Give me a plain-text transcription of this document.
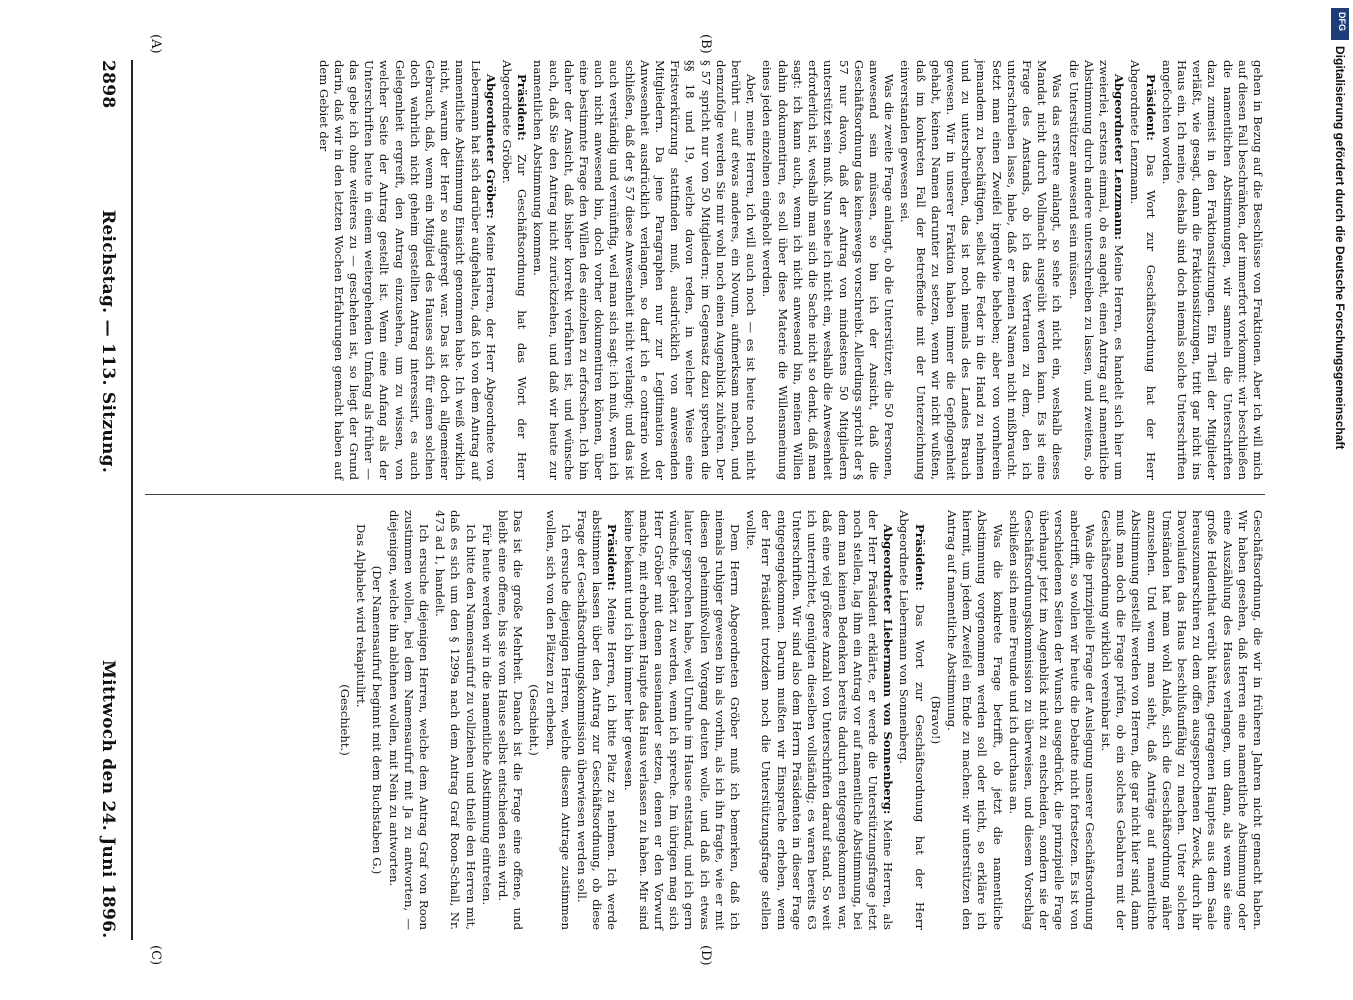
2898
Reichstag. — 113. Sitzung.
Mittwoch den 24. Juni 1896.
(A)	(B)
(C)	(D)

gehen in Bezug auf die Beschlüsse von Fraktionen. Aber ich will mich auf diesen Fall beschränken, der immerfort vorkommt: wir beschließen die namentlichen Abstimmungen, wir sammeln die Unterschriften dazu zumeist in den Fraktionssitzungen. Ein Theil der Mitglieder verläßt, wie gesagt, dann die Fraktionssitzungen, tritt gar nicht ins Haus ein. Ich meine, deshalb sind doch niemals solche Unterschriften angefochten worden.

Präsident: Das Wort zur Geschäftsordnung hat der Herr Abgeordnete Lenzmann.

Abgeordneter Lenzmann: Meine Herren, es handelt sich hier um zweierlei, erstens einmal, ob es angeht, einen Antrag auf namentliche Abstimmung durch andere unterschreiben zu lassen, und zweitens, ob die Unterstützer anwesend sein müssen.

Was das erstere anlangt, so sehe ich nicht ein, weshalb dieses Mandat nicht durch Vollmacht ausgeübt werden kann. Es ist eine Frage des Anstands, ob ich das Vertrauen zu dem, den ich unterschreiben lasse, habe, daß er meinen Namen nicht mißbraucht. Setzt man einen Zweifel irgendwie beheben; aber von vornherein jemandem zu beschäftigen, selbst die Feder in die Hand zu nehmen und zu unterschreiben, das ist noch niemals des Landes Brauch gewesen. Wir in unserer Fraktion haben immer die Gepflogenheit gehabt, keinen Namen darunter zu setzen, wenn wir nicht wußten, daß im konkreten Fall der Betreffende mit der Unterzeichnung einverstanden gewesen sei.

Was die zweite Frage anlangt, ob die Unterstützer, die 50 Personen, anwesend sein müssen, so bin ich der Ansicht, daß die Geschäftsordnung das keineswegs vorschreibt. Allerdings spricht der § 57 nur davon, daß der Antrag von mindestens 50 Mitgliedern unterstützt sein muß. Nun sehe ich nicht ein, weshalb die Anwesenheit erforderlich ist, weshalb man sich die Sache nicht so denkt, daß man sagt: ich kann auch, wenn ich nicht anwesend bin, meinen Willen dahin dokumentiren, es soll über diese Materie die Willensmeinung eines jeden einzelnen eingeholt werden.

Aber, meine Herren, ich will auch noch — es ist heute noch nicht berührt — auf etwas anderes, ein Novum, aufmerksam machen, und demzufolge werden Sie mir wohl noch einen Augenblick zuhören. Der § 57 spricht nur von 50 Mitgliedern; im Gegensatz dazu sprechen die §§ 18 und 19, welche davon reden, in welcher Weise eine Fristverkürzung stattfinden muß, ausdrücklich von anwesenden Mitgliedern. Da jene Paragraphen nur zur Legitimation der Anwesenheit ausdrücklich verlangen, so darf ich e contrario wohl schließen, daß der § 57 diese Anwesenheit nicht verlangt; und das ist auch verständig und vernünftig, weil man sich sagt: ich muß, wenn ich auch nicht anwesend bin, doch vorher dokumentiren können, über eine bestimmte Frage den Willen des einzelnen zu erforschen. Ich bin daher der Ansicht, daß bisher korrekt verfahren ist, und wünsche auch, daß Sie den Antrag nicht zurückziehen, und daß wir heute zur namentlichen Abstimmung kommen.

Präsident: Zur Geschäftsordnung hat das Wort der Herr Abgeordnete Gröber.

Abgeordneter Gröber: Meine Herren, der Herr Abgeordnete von Liebermann hat sich darüber aufgehalten, daß ich von dem Antrag auf namentliche Abstimmung Einsicht genommen habe. Ich weiß wirklich nicht, warum der Herr so aufgeregt war. Das ist doch allgemeiner Gebrauch, daß, wenn ein Mitglied des Hauses sich für einen solchen doch wahrlich nicht geheim gestellten Antrag interessirt, es auch Gelegenheit ergreift, den Antrag einzusehen, um zu wissen, von welcher Seite der Antrag gestellt ist. Wenn eine Anfang als der Unterschriften heute in einem weitergehenden Umfang als früher — das gebe ich ohne weiteres zu — geschehen ist, so liegt der Grund darin, daß wir in den letzten Wochen Erfahrungen gemacht haben auf dem Gebiet der

Geschäftsordnung, die wir in früheren Jahren nicht gemacht haben. Wir haben gesehen, daß Herren eine namentliche Abstimmung oder eine Auszählung des Hauses verlangen, um dann, als wenn sie eine große Heldenthat verübt hätten, getragenen Hauptes aus dem Saale herauszumarschiren zu dem offen ausgesprochenen Zweck, durch ihr Davonlaufen das Haus beschlußunfähig zu machen. Unter solchen Umständen hat man wohl Anlaß, sich die Geschäftsordnung näher anzusehen. Und wenn man sieht, daß Anträge auf namentliche Abstimmung gestellt werden von Herren, die gar nicht hier sind, dann muß man doch die Frage prüfen, ob ein solches Gebahren mit der Geschäftsordnung wirklich vereinbar ist.

Was die prinzipielle Frage der Auslegung unserer Geschäftsordnung anbetrifft, so wollen wir heute die Debatte nicht fortsetzen. Es ist von verschiedenen Seiten der Wunsch ausgedrückt, die prinzipielle Frage überhaupt jetzt im Augenblick nicht zu entscheiden, sondern sie der Geschäftsordnungskommission zu überweisen, und diesem Vorschlag schließen sich meine Freunde und ich durchaus an.

Was die konkrete Frage betrifft, ob jetzt die namentliche Abstimmung vorgenommen werden soll oder nicht, so erkläre ich hiermit, um jedem Zweifel ein Ende zu machen: wir unterstützen den Antrag auf namentliche Abstimmung.

(Bravo!)

Präsident: Das Wort zur Geschäftsordnung hat der Herr Abgeordnete Liebermann von Sonnenberg.

Abgeordneter Liebermann von Sonnenberg: Meine Herren, als der Herr Präsident erklärte, er werde die Unterstützungsfrage jetzt noch stellen, lag ihm ein Antrag vor auf namentliche Abstimmung, bei dem man keinen Bedenken bereits dadurch entgegengekommen war, daß eine viel größere Anzahl von Unterschriften darauf stand. So weit ich unterrichtet, genügten dieselben vollständig; es waren bereits 63 Unterschriften. Wir sind also dem Herrn Präsidenten in dieser Frage entgegengekommen. Darum mußten wir Einsprache erheben, wenn der Herr Präsident trotzdem noch die Unterstützungsfrage stellen wollte.

Dem Herrn Abgeordneten Gröber muß ich bemerken, daß ich niemals ruhiger gewesen bin als vorhin, als ich ihn fragte, wie er mit diesen geheimnißvollen Vorgang deuten wolle, und daß ich etwas lauter gesprochen habe, weil Unruhe im Hause entstand, und ich gern wünschte, gehört zu werden, wenn ich spreche. Im übrigen mag sich Herr Gröber mit denen auseinander setzen, denen er den Vorwurf machte, mit erhobenem Haupte das Haus verlassen zu haben. Mir sind keine bekannt und ich bin immer hier gewesen.

Präsident: Meine Herren, ich bitte Platz zu nehmen. Ich werde abstimmen lassen über den Antrag zur Geschäftsordnung, ob diese Frage der Geschäftsordnungskommission überwiesen werden soll.

Ich ersuche diejenigen Herren, welche diesem Antrage zustimmen wollen, sich von den Plätzen zu erheben.

(Geschieht.)

Das ist die große Mehrheit. Danach ist die Frage eine offene, und bleibt eine offene, bis sie vom Hause selbst entschieden sein wird.

Für heute werden wir in die namentliche Abstimmung eintreten.

Ich bitte den Namensaufruf zu vollziehen und theile den Herren mit, daß es sich um den § 1299a nach dem Antrag Graf Roon-Schall, Nr. 473 ad 1, handelt.

Ich ersuche diejenigen Herren, welche dem Antrag Graf von Roon zustimmen wollen, bei dem Namensaufruf mit Ja zu antworten, — diejenigen, welche ihn ablehnen wollen, mit Nein zu antworten.

(Der Namensaufruf beginnt mit dem Buchstaben G.)

Das Alphabet wird rekapitulirt.

(Geschieht.)

DFG
Digitalisierung gefördert durch die Deutsche Forschungsgemeinschaft
